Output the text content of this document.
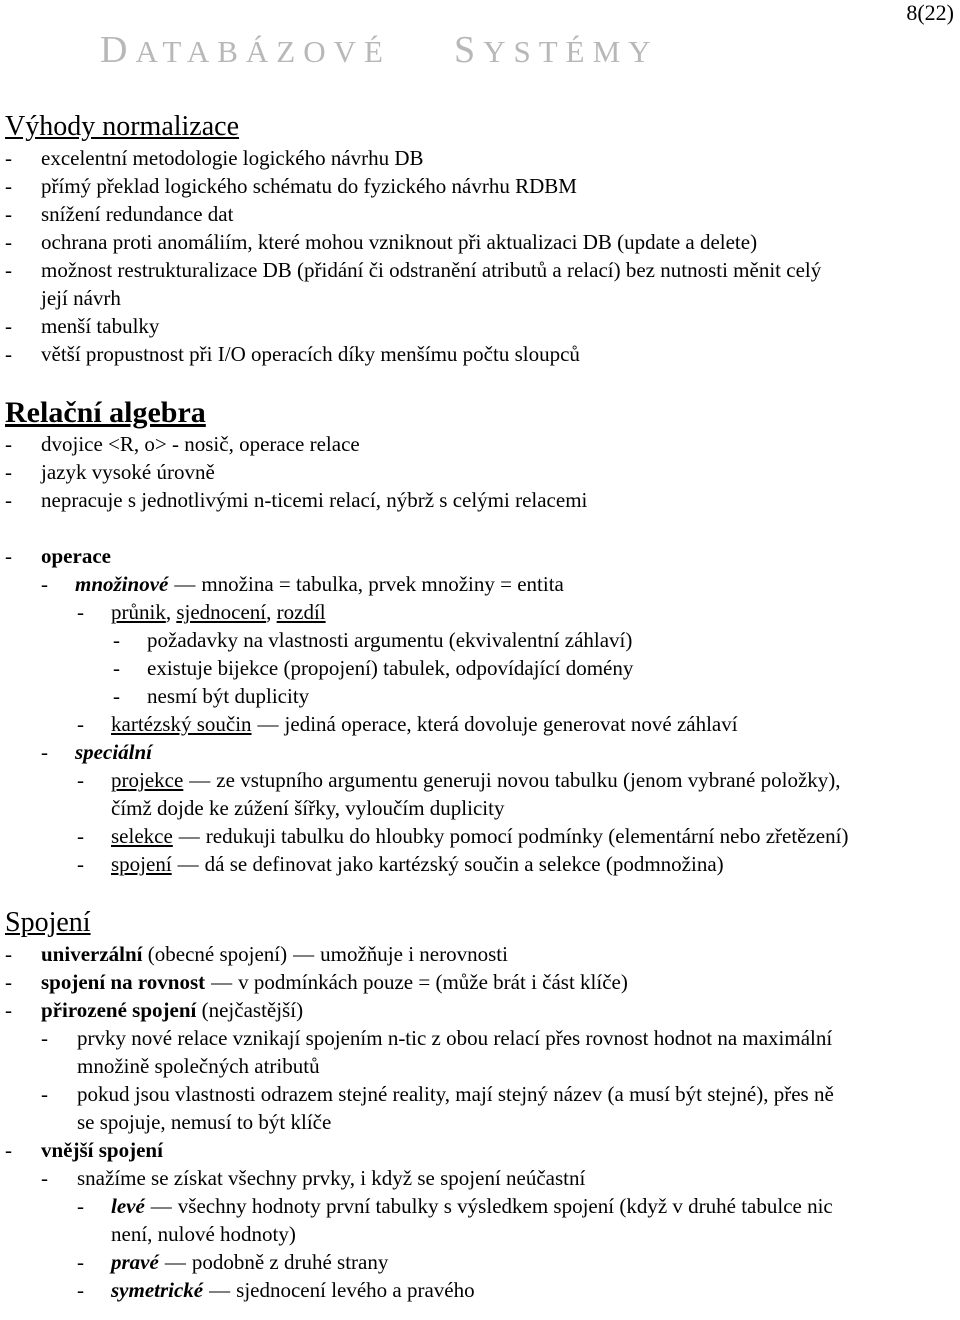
8(22)
DATABÁZOVÉ SYSTÉMY
Výhody normalizace
- excelentní metodologie logického návrhu DB
- přímý překlad logického schématu do fyzického návrhu RDBM
- snížení redundance dat
- ochrana proti anomáliím, které mohou vzniknout při aktualizaci DB (update a delete)
- možnost restrukturalizace DB (přidání či odstranění atributů a relací) bez nutnosti měnit celý
její návrh
- menší tabulky
- větší propustnost při I/O operacích díky menšímu počtu sloupců
Relační algebra
- dvojice <R, o> - nosič, operace relace
- jazyk vysoké úrovně
- nepracuje s jednotlivými n-ticemi relací, nýbrž s celými relacemi
- operace
- množinové — množina = tabulka, prvek množiny = entita
- průnik, sjednocení, rozdíl
- požadavky na vlastnosti argumentu (ekvivalentní záhlaví)
- existuje bijekce (propojení) tabulek, odpovídající domény
- nesmí být duplicity
- kartézský součin — jediná operace, která dovoluje generovat nové záhlaví
- speciální
- projekce — ze vstupního argumentu generuji novou tabulku (jenom vybrané položky),
čímž dojde ke zúžení šířky, vyloučím duplicity
- selekce — redukuji tabulku do hloubky pomocí podmínky (elementární nebo zřetězení)
- spojení — dá se definovat jako kartézský součin a selekce (podmnožina)
Spojení
- univerzální (obecné spojení) — umožňuje i nerovnosti
- spojení na rovnost — v podmínkách pouze = (může brát i část klíče)
- přirozené spojení (nejčastější)
- prvky nové relace vznikají spojením n-tic z obou relací přes rovnost hodnot na maximální
množině společných atributů
- pokud jsou vlastnosti odrazem stejné reality, mají stejný název (a musí být stejné), přes ně
se spojuje, nemusí to být klíče
- vnější spojení
- snažíme se získat všechny prvky, i když se spojení neúčastní
- levé — všechny hodnoty první tabulky s výsledkem spojení (když v druhé tabulce nic
není, nulové hodnoty)
- pravé — podobně z druhé strany
- symetrické — sjednocení levého a pravého
